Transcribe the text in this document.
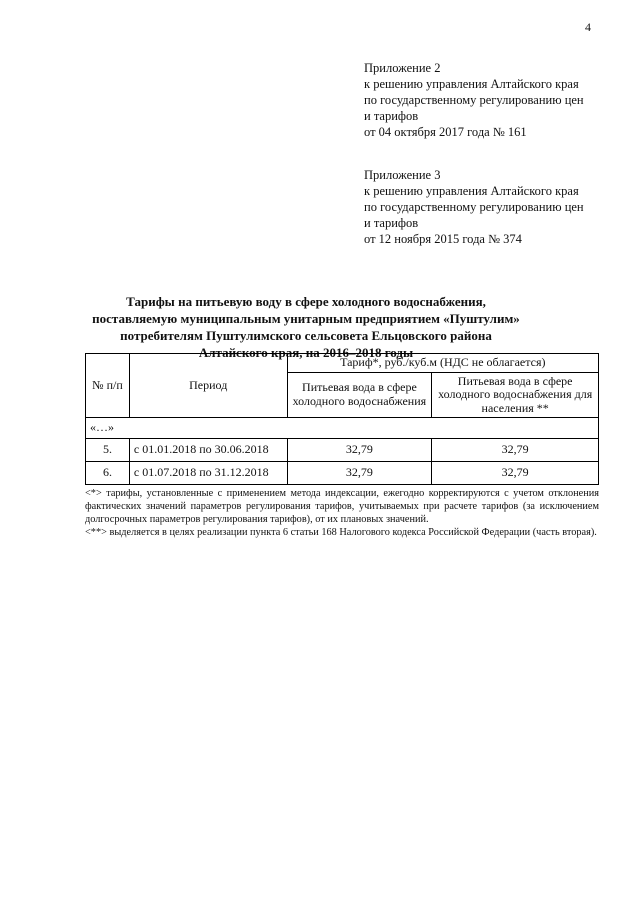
4
Приложение 2
к решению управления Алтайского края
по государственному регулированию цен
и тарифов
от 04 октября 2017 года № 161
Приложение 3
к решению управления Алтайского края
по государственному регулированию цен
и тарифов
от 12 ноября 2015 года № 374
Тарифы на питьевую воду в сфере холодного водоснабжения, поставляемую муниципальным унитарным предприятием «Пуштулим» потребителям Пуштулимского сельсовета Ельцовского района Алтайского края, на 2016–2018 годы
№ п/п	Период	Тариф*, руб./куб.м (НДС не облагается)	
		Питьевая вода в сфере холодного водоснабжения	Питьевая вода в сфере холодного водоснабжения для населения **
«…»			
5.	с 01.01.2018 по 30.06.2018	32,79	32,79
6.	с 01.07.2018 по 31.12.2018	32,79	32,79
<*> тарифы, установленные с применением метода индексации, ежегодно корректируются с учетом отклонения фактических значений параметров регулирования тарифов, учитываемых при расчете тарифов (за исключением долгосрочных параметров регулирования тарифов), от их плановых значений.
<**> выделяется в целях реализации пункта 6 статьи 168 Налогового кодекса Российской Федерации (часть вторая).
